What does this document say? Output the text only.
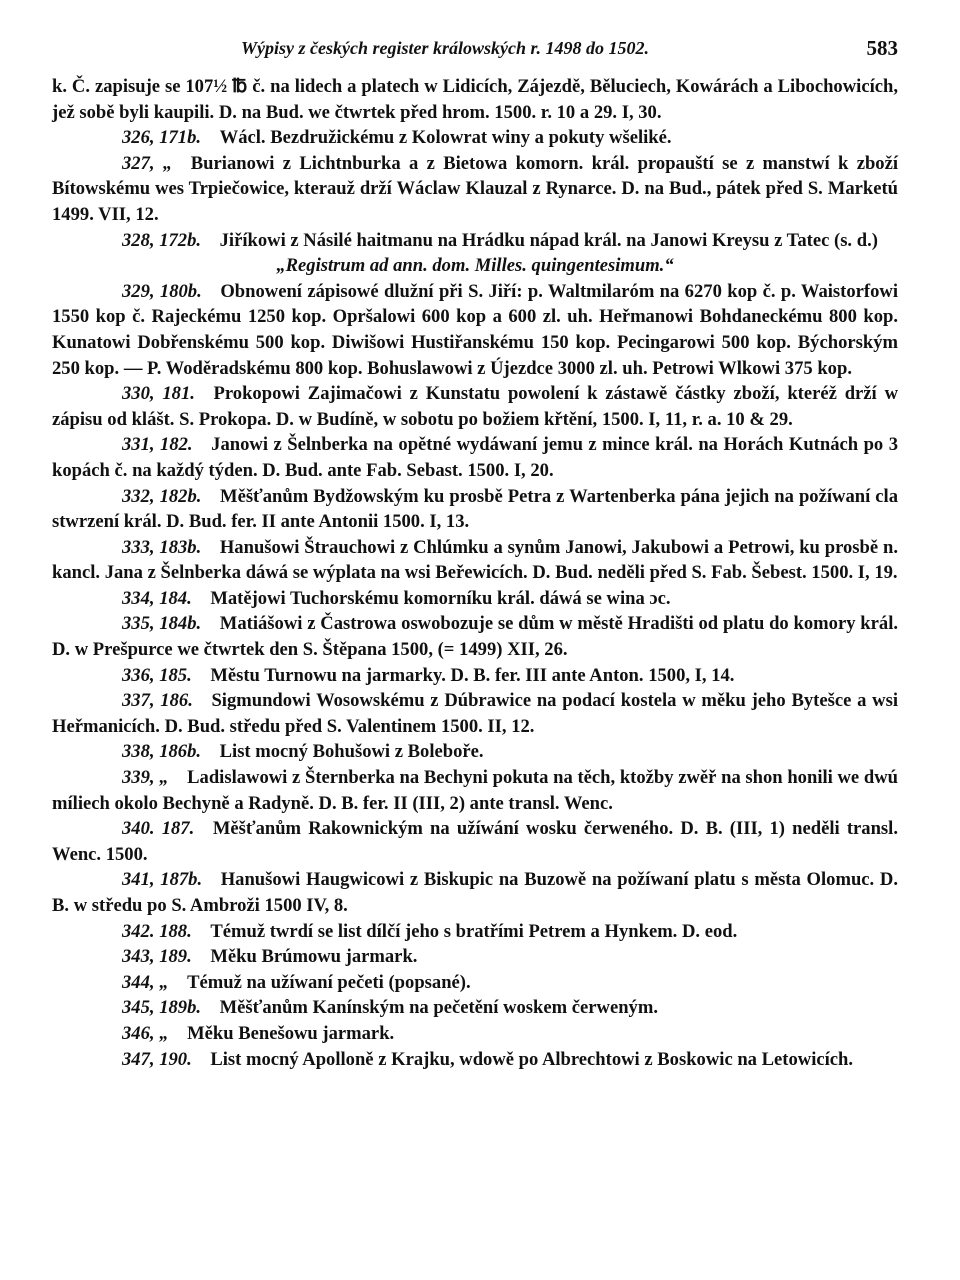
Wýpisy z českých register králowských r. 1498 do 1502.	583

k. Č. zapisuje se 107½ ℔ č. na lidech a platech w Lidicích, Zájezdě, Běluciech, Kowárách a Libochowicích, jež sobě byli kaupili. D. na Bud. we čtwrtek před hrom. 1500. r. 10 a 29. I, 30.

326, 171b.  Wácl. Bezdružickému z Kolowrat winy a pokuty wšeliké.

327, „  Burianowi z Lichtnburka a z Bietowa komorn. král. propauští se z manstwí k zboží Bítowskému wes Trpiečowice, kterauž drží Wáclaw Klauzal z Rynarce. D. na Bud., pátek před S. Marketú 1499. VII, 12.

328, 172b.  Jiříkowi z Násilé haitmanu na Hrádku nápad král. na Janowi Kreysu z Tatec (s. d.)

„Registrum ad ann. dom. Milles. quingentesimum.“

329, 180b.  Obnowení zápisowé dlužní při S. Jiří: p. Waltmilaróm na 6270 kop č. p. Waistorfowi 1550 kop č. Rajeckému 1250 kop. Opršalowi 600 kop a 600 zl. uh. Heřmanowi Bohdaneckému 800 kop. Kunatowi Dobřenskému 500 kop. Diwišowi Hustiřanskému 150 kop. Pecingarowi 500 kop. Býchorským 250 kop. — P. Woděradskému 800 kop. Bohuslawowi z Újezdce 3000 zl. uh. Petrowi Wlkowi 375 kop.

330, 181.  Prokopowi Zajimačowi z Kunstatu powolení k zástawě částky zboží, kteréž drží w zápisu od klášt. S. Prokopa. D. w Budíně, w sobotu po božiem křtění, 1500. I, 11, r. a. 10 & 29.

331, 182.  Janowi z Šelnberka na opětné wydáwaní jemu z mince král. na Horách Kutnách po 3 kopách č. na každý týden. D. Bud. ante Fab. Sebast. 1500. I, 20.

332, 182b.  Měšťanům Bydžowským ku prosbě Petra z Wartenberka pána jejich na požíwaní cla stwrzení král. D. Bud. fer. II ante Antonii 1500. I, 13.

333, 183b.  Hanušowi Štrauchowi z Chlúmku a synům Janowi, Jakubowi a Petrowi, ku prosbě n. kancl. Jana z Šelnberka dáwá se wýplata na wsi Beřewicích. D. Bud. neděli před S. Fab. Šebest. 1500. I, 19.

334, 184.  Matějowi Tuchorskému komorníku král. dáwá se wina ɔc.

335, 184b.  Matiášowi z Častrowa oswobozuje se dům w městě Hradišti od platu do komory král. D. w Prešpurce we čtwrtek den S. Štěpana 1500, (= 1499) XII, 26.

336, 185.  Městu Turnowu na jarmarky. D. B. fer. III ante Anton. 1500, I, 14.

337, 186.  Sigmundowi Wosowskému z Dúbrawice na podací kostela w měku jeho Bytešce a wsi Heřmanicích. D. Bud. středu před S. Valentinem 1500. II, 12.

338, 186b.  List mocný Bohušowi z Boleboře.

339, „  Ladislawowi z Šternberka na Bechyni pokuta na těch, ktožby zwěř na shon honili we dwú míliech okolo Bechyně a Radyně. D. B. fer. II (III, 2) ante transl. Wenc.

340. 187.  Měšťanům Rakownickým na užíwání wosku čerweného. D. B. (III, 1) neděli transl. Wenc. 1500.

341, 187b.  Hanušowi Haugwicowi z Biskupic na Buzowě na požíwaní platu s města Olomuc. D. B. w středu po S. Ambroži 1500 IV, 8.

342. 188.  Témuž twrdí se list dílčí jeho s bratřími Petrem a Hynkem. D. eod.

343, 189.  Měku Brúmowu jarmark.

344, „  Témuž na užíwaní pečeti (popsané).

345, 189b.  Měšťanům Kanínským na pečetění woskem čerweným.

346, „  Měku Benešowu jarmark.

347, 190.  List mocný Apolloně z Krajku, wdowě po Albrechtowi z Boskowic na Letowicích.
